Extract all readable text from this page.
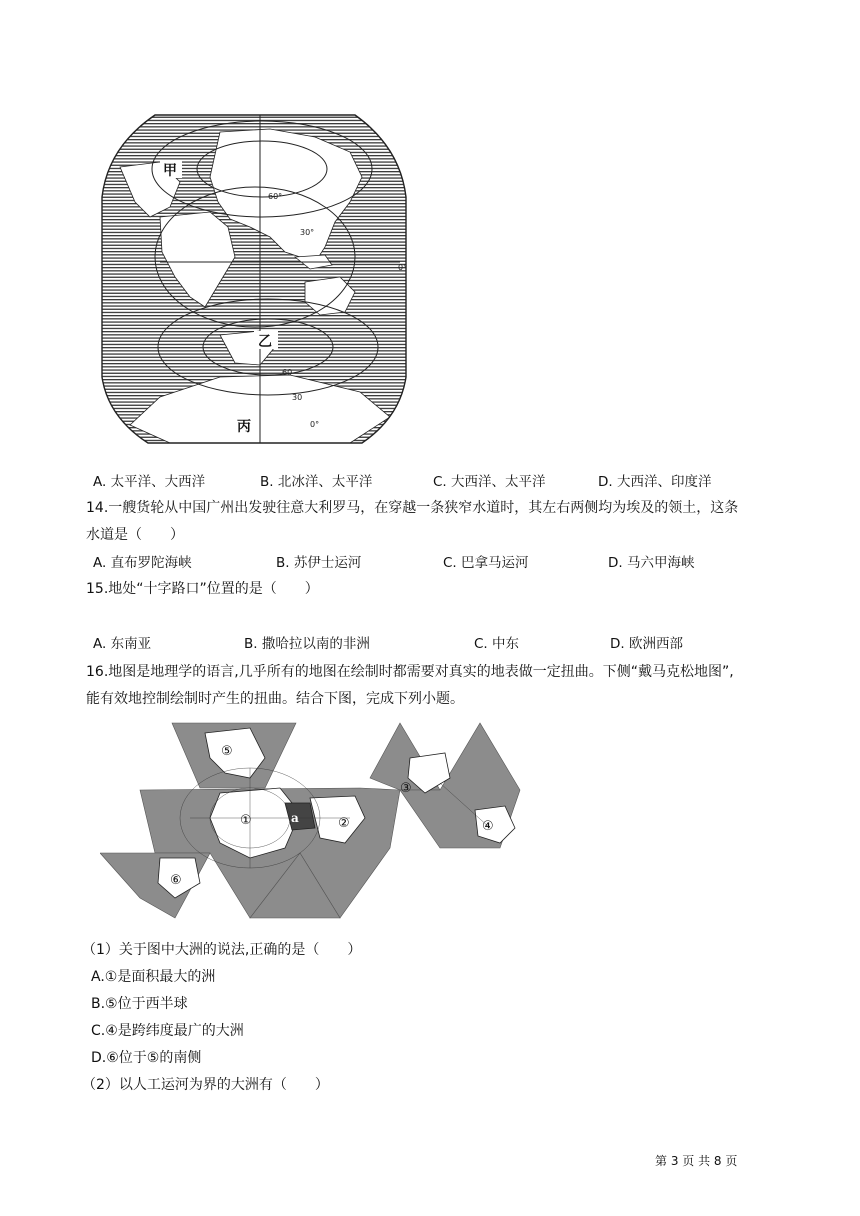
甲
乙
丙
60°
30°
0°
60
30
0°
A. 太平洋、大西洋	B. 北冰洋、太平洋	C. 大西洋、太平洋	D. 大西洋、印度洋
14.一艘货轮从中国广州出发驶往意大利罗马，在穿越一条狭窄水道时，其左右两侧均为埃及的领土，这条
水道是（　　）
A. 直布罗陀海峡	B. 苏伊士运河	C. 巴拿马运河	D. 马六甲海峡
15.地处“十字路口”位置的是（　　）
A. 东南亚	B. 撒哈拉以南的非洲	C. 中东	D. 欧洲西部
16.地图是地理学的语言,几乎所有的地图在绘制时都需要对真实的地表做一定扭曲。下侧“戴马克松地图”,
能有效地控制绘制时产生的扭曲。结合下图，完成下列小题。
⑤
①	②
③
④
⑥
a
（1）关于图中大洲的说法,正确的是（　　）
A.①是面积最大的洲
B.⑤位于西半球
C.④是跨纬度最广的大洲
D.⑥位于⑤的南侧
（2）以人工运河为界的大洲有（　　）
第 3 页 共 8 页
